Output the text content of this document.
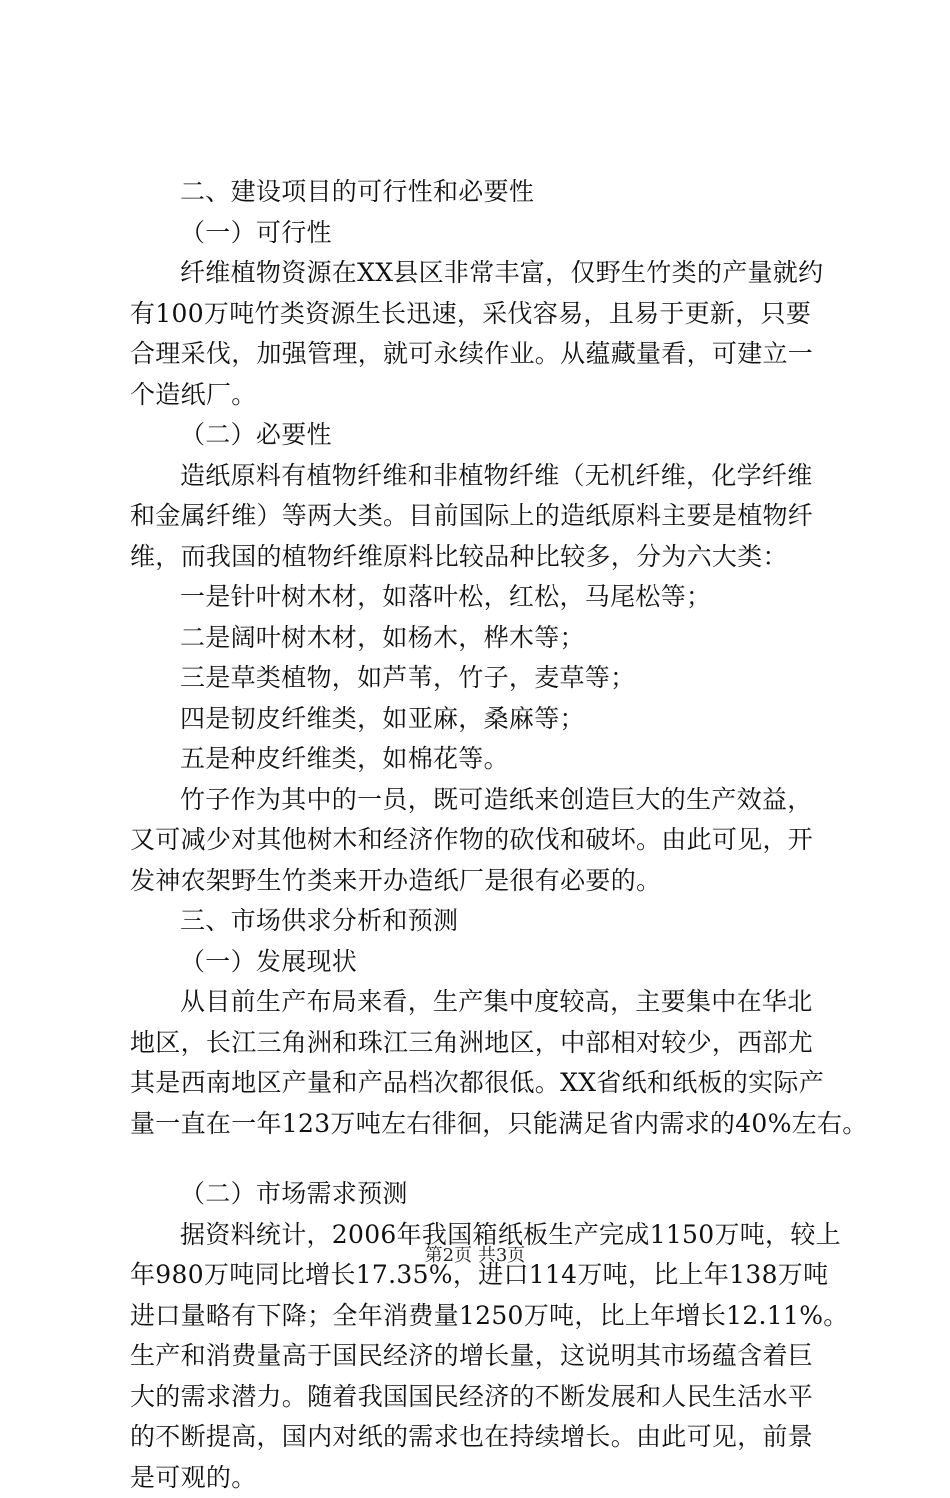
二、建设项目的可行性和必要性
（一）可行性
纤维植物资源在XX县区非常丰富，仅野生竹类的产量就约
有100万吨竹类资源生长迅速，采伐容易，且易于更新，只要
合理采伐，加强管理，就可永续作业。从蕴藏量看，可建立一
个造纸厂。
（二）必要性
造纸原料有植物纤维和非植物纤维（无机纤维，化学纤维
和金属纤维）等两大类。目前国际上的造纸原料主要是植物纤
维，而我国的植物纤维原料比较品种比较多，分为六大类：
一是针叶树木材，如落叶松，红松，马尾松等；
二是阔叶树木材，如杨木，桦木等；
三是草类植物，如芦苇，竹子，麦草等；
四是韧皮纤维类，如亚麻，桑麻等；
五是种皮纤维类，如棉花等。
竹子作为其中的一员，既可造纸来创造巨大的生产效益，
又可减少对其他树木和经济作物的砍伐和破坏。由此可见，开
发神农架野生竹类来开办造纸厂是很有必要的。
三、市场供求分析和预测
（一）发展现状
从目前生产布局来看，生产集中度较高，主要集中在华北
地区，长江三角洲和珠江三角洲地区，中部相对较少，西部尤
其是西南地区产量和产品档次都很低。XX省纸和纸板的实际产
量一直在一年123万吨左右徘徊，只能满足省内需求的40%左右。
（二）市场需求预测
据资料统计，2006年我国箱纸板生产完成1150万吨，较上
年980万吨同比增长17.35%，进口114万吨，比上年138万吨
进口量略有下降；全年消费量1250万吨，比上年增长12.11%。
生产和消费量高于国民经济的增长量，这说明其市场蕴含着巨
大的需求潜力。随着我国国民经济的不断发展和人民生活水平
的不断提高，国内对纸的需求也在持续增长。由此可见，前景
是可观的。
第2页 共3页
